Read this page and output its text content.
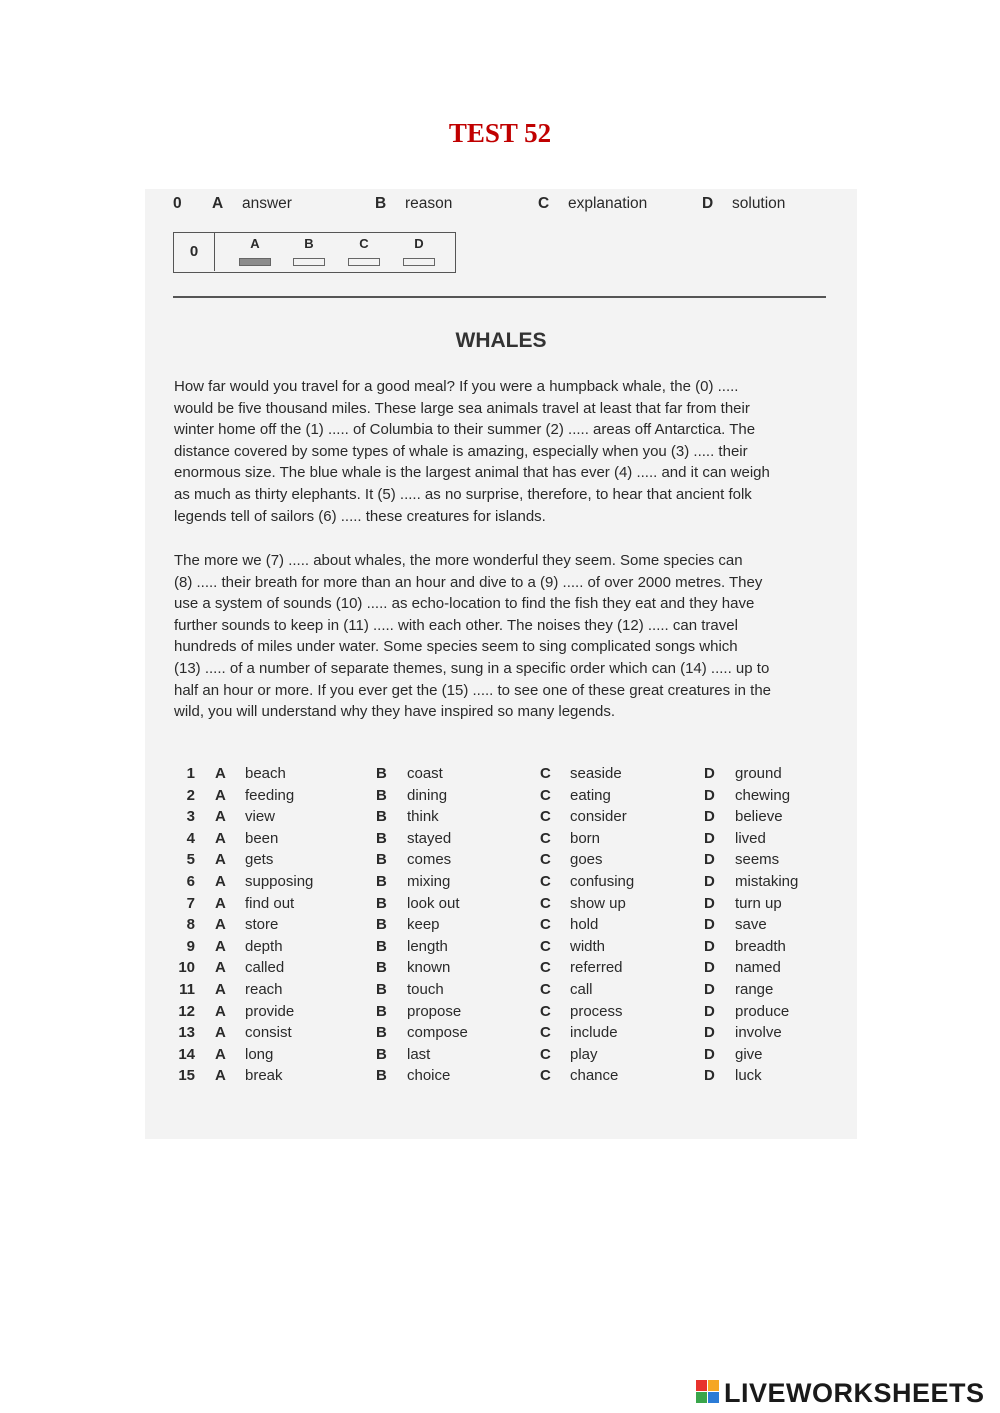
TEST 52
0 A answer	B reason	C explanation	D solution
0	A	B	C	D
WHALES
How far would you travel for a good meal? If you were a humpback whale, the (0) .....
would be five thousand miles. These large sea animals travel at least that far from their
winter home off the (1) ..... of Columbia to their summer (2) ..... areas off Antarctica. The
distance covered by some types of whale is amazing, especially when you (3) ..... their
enormous size. The blue whale is the largest animal that has ever (4) ..... and it can weigh
as much as thirty elephants. It (5) ..... as no surprise, therefore, to hear that ancient folk
legends tell of sailors (6) ..... these creatures for islands.
The more we (7) ..... about whales, the more wonderful they seem. Some species can
(8) ..... their breath for more than an hour and dive to a (9) ..... of over 2000 metres. They
use a system of sounds (10) ..... as echo-location to find the fish they eat and they have
further sounds to keep in (11) ..... with each other. The noises they (12) ..... can travel
hundreds of miles under water. Some species seem to sing complicated songs which
(13) ..... of a number of separate themes, sung in a specific order which can (14) ..... up to
half an hour or more. If you ever get the (15) ..... to see one of these great creatures in the
wild, you will understand why they have inspired so many legends.
1 A beach	B coast	C seaside	D ground
2 A feeding	B dining	C eating	D chewing
3 A view	B think	C consider	D believe
4 A been	B stayed	C born	D lived
5 A gets	B comes	C goes	D seems
6 A supposing	B mixing	C confusing	D mistaking
7 A find out	B look out	C show up	D turn up
8 A store	B keep	C hold	D save
9 A depth	B length	C width	D breadth
10 A called	B known	C referred	D named
11 A reach	B touch	C call	D range
12 A provide	B propose	C process	D produce
13 A consist	B compose	C include	D involve
14 A long	B last	C play	D give
15 A break	B choice	C chance	D luck
LIVEWORKSHEETS
